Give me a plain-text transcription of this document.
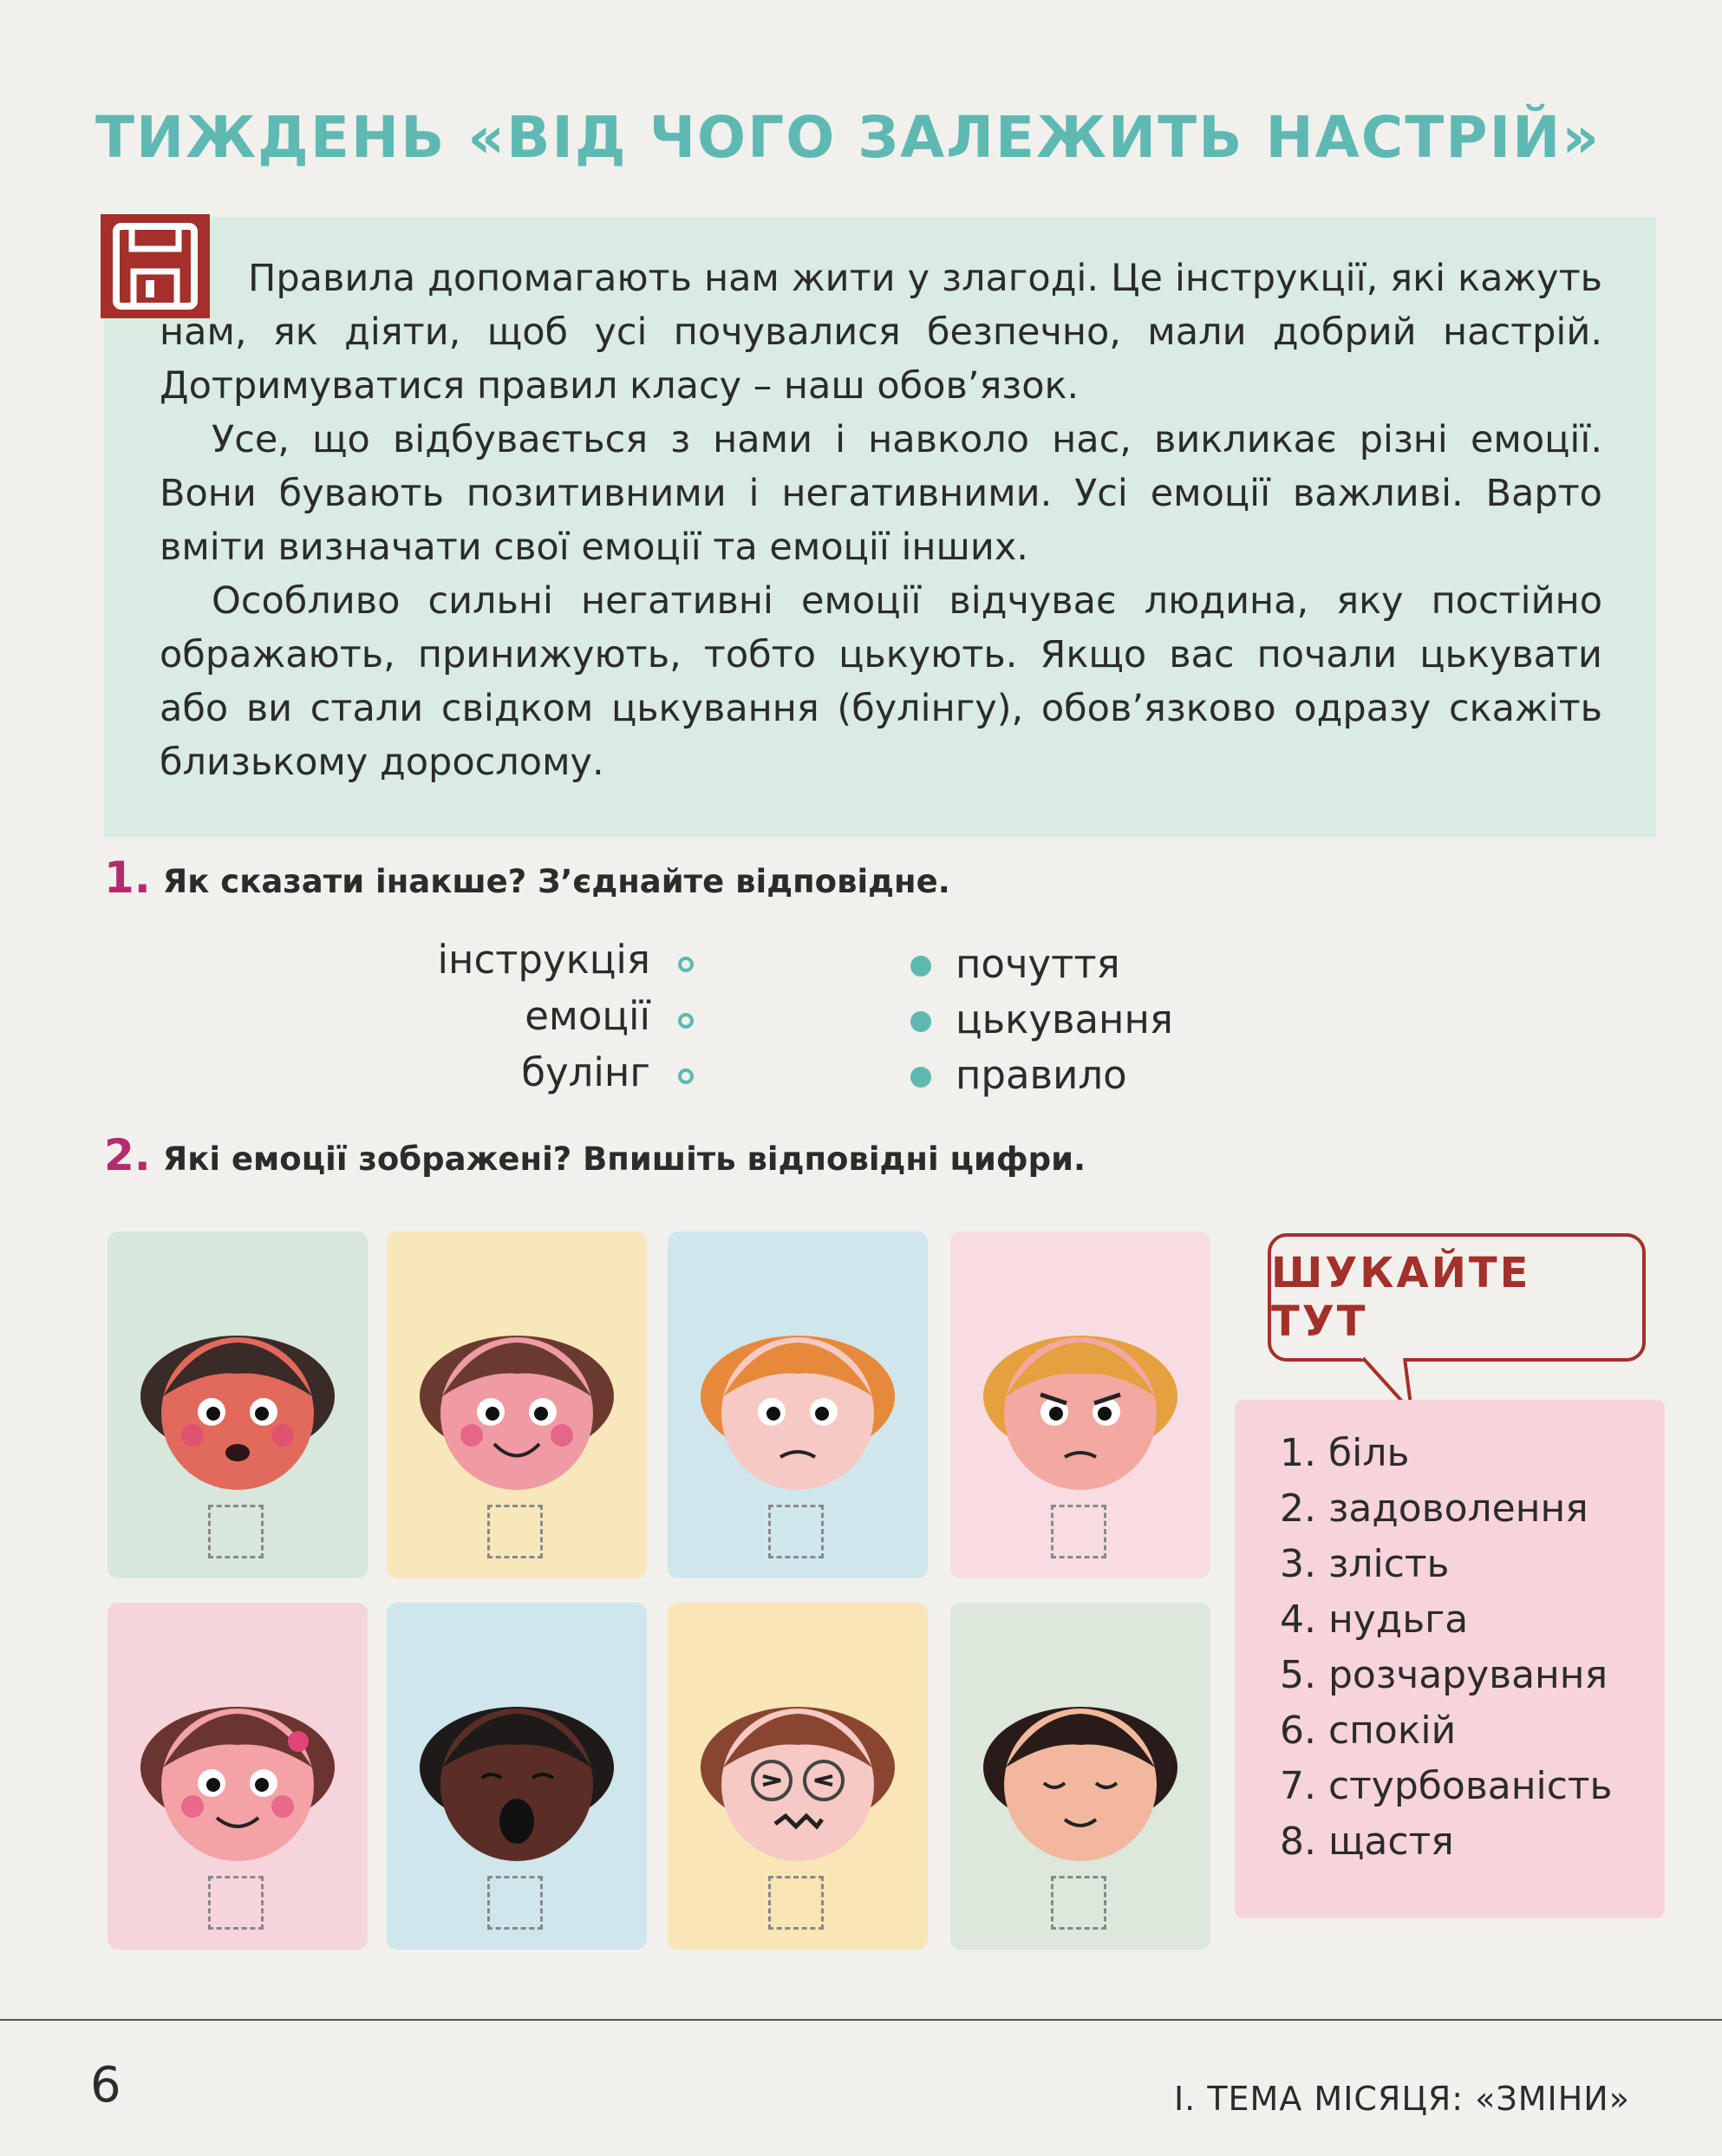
ТИЖДЕНЬ «ВІД ЧОГО ЗАЛЕЖИТЬ НАСТРІЙ»

Правила допомагають нам жити у злагоді. Це інструкції, які кажуть нам, як діяти, щоб усі почувалися безпечно, мали добрий настрій. Дотримуватися правил класу – наш обов’язок.

Усе, що відбувається з нами і навколо нас, викликає різні емоції. Вони бувають позитивними і негативними. Усі емоції важливі. Варто вміти визначати свої емоції та емоції інших.

Особливо сильні негативні емоції відчуває людина, яку постійно ображають, принижують, тобто цькують. Якщо вас почали цькувати або ви стали свідком цькування (булінгу), обов’язково одразу скажіть близькому дорослому.

1. Як сказати інакше? З’єднайте відповідне.
інструкція
емоції
булінг
почуття
цькування
правило
2. Які емоції зображені? Впишіть відповідні цифри.
ШУКАЙТЕ ТУТ
1. біль
2. задоволення
3. злість
4. нудьга
5. розчарування
6. спокій
7. стурбованість
8. щастя
6	І. ТЕМА МІСЯЦЯ: «ЗМІНИ»
